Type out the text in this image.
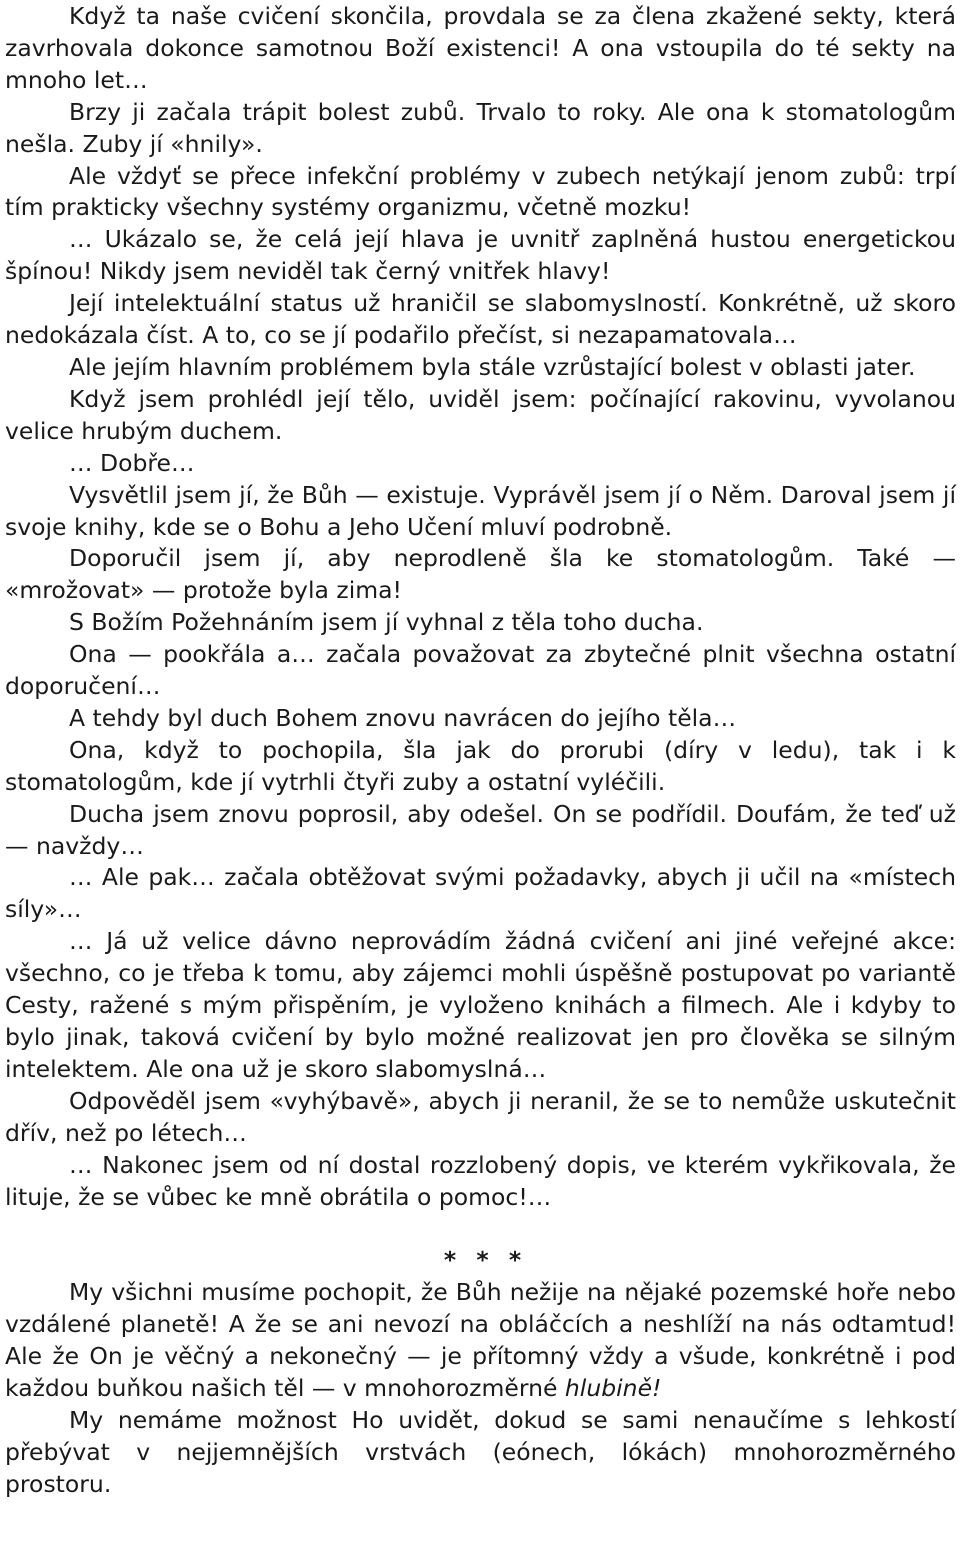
Když ta naše cvičení skončila, provdala se za člena zkažené sekty, která zavrhovala dokonce samotnou Boží existenci! A ona vstoupila do té sekty na mnoho let…

Brzy ji začala trápit bolest zubů. Trvalo to roky. Ale ona k stomatologům nešla. Zuby jí «hnily».

Ale vždyť se přece infekční problémy v zubech netýkají jenom zubů: trpí tím prakticky všechny systémy organizmu, včetně mozku!

… Ukázalo se, že celá její hlava je uvnitř zaplněná hustou energetickou špínou! Nikdy jsem neviděl tak černý vnitřek hlavy!

Její intelektuální status už hraničil se slabomyslností. Konkrétně, už skoro nedokázala číst. A to, co se jí podařilo přečíst, si nezapamatovala…

Ale jejím hlavním problémem byla stále vzrůstající bolest v oblasti jater.

Když jsem prohlédl její tělo, uviděl jsem: počínající rakovinu, vyvolanou velice hrubým duchem.

… Dobře…

Vysvětlil jsem jí, že Bůh — existuje. Vyprávěl jsem jí o Něm. Daroval jsem jí svoje knihy, kde se o Bohu a Jeho Učení mluví podrobně.

Doporučil jsem jí, aby neprodleně šla ke stomatologům. Také — «mrožovat» — protože byla zima!

S Božím Požehnáním jsem jí vyhnal z těla toho ducha.

Ona — pookřála a… začala považovat za zbytečné plnit všechna ostatní doporučení…

A tehdy byl duch Bohem znovu navrácen do jejího těla…

Ona, když to pochopila, šla jak do prorubi (díry v ledu), tak i k stomatologům, kde jí vytrhli čtyři zuby a ostatní vyléčili.

Ducha jsem znovu poprosil, aby odešel. On se podřídil. Doufám, že teď už — navždy…

… Ale pak… začala obtěžovat svými požadavky, abych ji učil na «místech síly»…

… Já už velice dávno neprovádím žádná cvičení ani jiné veřejné akce: všechno, co je třeba k tomu, aby zájemci mohli úspěšně postupovat po variantě Cesty, ražené s mým přispěním, je vyloženo knihách a filmech. Ale i kdyby to bylo jinak, taková cvičení by bylo možné realizovat jen pro člověka se silným intelektem. Ale ona už je skoro slabomyslná…

Odpověděl jsem «vyhýbavě», abych ji neranil, že se to nemůže uskutečnit dřív, než po létech…

… Nakonec jsem od ní dostal rozzlobený dopis, ve kterém vykřikovala, že lituje, že se vůbec ke mně obrátila o pomoc!…

* * *

My všichni musíme pochopit, že Bůh nežije na nějaké pozemské hoře nebo vzdálené planetě! A že se ani nevozí na obláčcích a neshlíží na nás odtamtud! Ale že On je věčný a nekonečný — je přítomný vždy a všude, konkrétně i pod každou buňkou našich těl — v mnohorozměrné hlubině!

My nemáme možnost Ho uvidět, dokud se sami nenaučíme s lehkostí přebývat v nejjemnějších vrstvách (eónech, lókách) mnohorozměrného prostoru.
